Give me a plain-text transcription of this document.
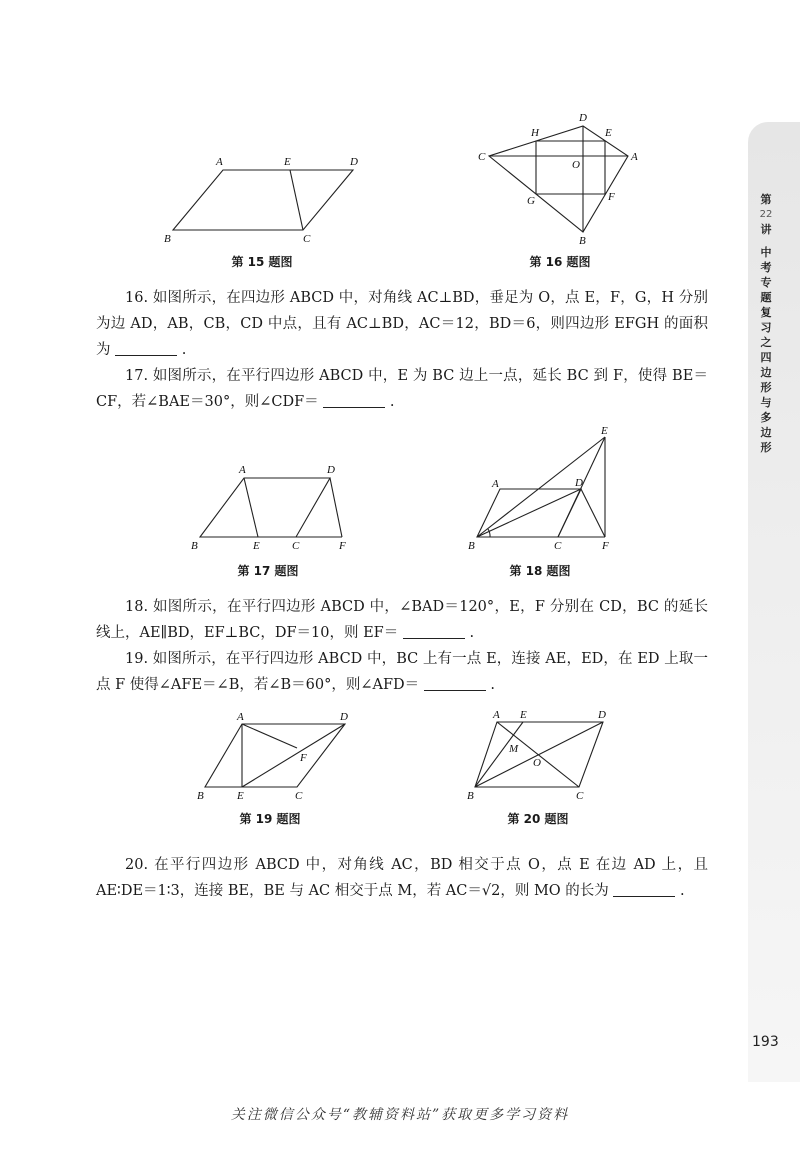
A	E	D
B	C
第 15 题图
D
H	E
C	A
O
G	F
B
第 16 题图
16. 如图所示，在四边形 ABCD 中，对角线 AC⊥BD，垂足为 O，点 E，F，G，H 分别为边 AD，AB，CB，CD 中点，且有 AC⊥BD，AC＝12，BD＝6，则四边形 EFGH 的面积为	.
17. 如图所示，在平行四边形 ABCD 中，E 为 BC 边上一点，延长 BC 到 F，使得 BE＝CF，若∠BAE＝30°，则∠CDF＝	.
A	D
B	E	C	F
第 17 题图
E
A	D
B	C	F
第 18 题图
18. 如图所示，在平行四边形 ABCD 中，∠BAD＝120°，E，F 分别在 CD，BC 的延长线上，AE∥BD，EF⊥BC，DF＝10，则 EF＝	.
19. 如图所示，在平行四边形 ABCD 中，BC 上有一点 E，连接 AE，ED，在 ED 上取一点 F 使得∠AFE＝∠B，若∠B＝60°，则∠AFD＝	.
A	D
F
B	E	C
第 19 题图
A E	D
M
O
B	C
第 20 题图
20. 在平行四边形 ABCD 中，对角线 AC，BD 相交于点 O，点 E 在边 AD 上，且 AE∶DE＝1∶3，连接 BE，BE 与 AC 相交于点 M，若 AC＝√2，则 MO 的长为	.
第
22
讲
中
考
专
题
复
习
之
四
边
形
与
多
边
形
193
关注微信公众号“教辅资料站”获取更多学习资料
